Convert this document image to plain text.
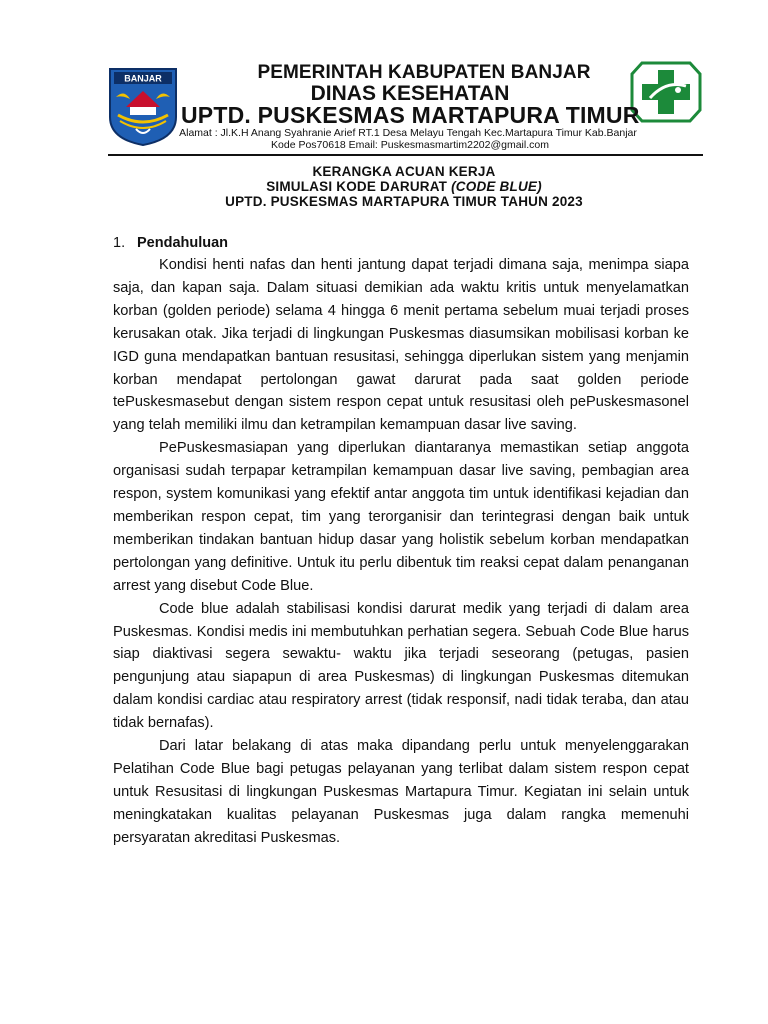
BANJAR	PEMERINTAH KABUPATEN BANJAR
DINAS KESEHATAN
UPTD. PUSKESMAS MARTAPURA TIMUR
Alamat : Jl.K.H Anang Syahranie Arief RT.1 Desa Melayu Tengah Kec.Martapura Timur Kab.Banjar
Kode Pos70618 Email: Puskesmasmartim2202@gmail.com
KERANGKA ACUAN KERJA
SIMULASI KODE DARURAT (CODE BLUE)
UPTD. PUSKESMAS MARTAPURA TIMUR TAHUN 2023
1. Pendahuluan

Kondisi henti nafas dan henti jantung dapat terjadi dimana saja, menimpa siapa saja, dan kapan saja. Dalam situasi demikian ada waktu kritis untuk menyelamatkan korban (golden periode) selama 4 hingga 6 menit pertama sebelum muai terjadi proses kerusakan otak. Jika terjadi di lingkungan Puskesmas diasumsikan mobilisasi korban ke IGD guna mendapatkan bantuan resusitasi, sehingga diperlukan sistem yang menjamin korban mendapat pertolongan gawat darurat pada saat golden periode tePuskesmasebut dengan sistem respon cepat untuk resusitasi oleh pePuskesmasonel yang telah memiliki ilmu dan ketrampilan kemampuan dasar live saving.

PePuskesmasiapan yang diperlukan diantaranya memastikan setiap anggota organisasi sudah terpapar ketrampilan kemampuan dasar live saving, pembagian area respon, system komunikasi yang efektif antar anggota tim untuk identifikasi kejadian dan memberikan respon cepat, tim yang terorganisir dan terintegrasi dengan baik untuk memberikan tindakan bantuan hidup dasar yang holistik sebelum korban mendapatkan pertolongan yang definitive. Untuk itu perlu dibentuk tim reaksi cepat dalam penanganan arrest yang disebut Code Blue.

Code blue adalah stabilisasi kondisi darurat medik yang terjadi di dalam area Puskesmas. Kondisi medis ini membutuhkan perhatian segera. Sebuah Code Blue harus siap diaktivasi segera sewaktu- waktu jika terjadi seseorang (petugas, pasien pengunjung atau siapapun di area Puskesmas) di lingkungan Puskesmas ditemukan dalam kondisi cardiac atau respiratory arrest (tidak responsif, nadi tidak teraba, dan atau tidak bernafas).

Dari latar belakang di atas maka dipandang perlu untuk menyelenggarakan Pelatihan Code Blue bagi petugas pelayanan yang terlibat dalam sistem respon cepat untuk Resusitasi di lingkungan Puskesmas Martapura Timur. Kegiatan ini selain untuk meningkatakan kualitas pelayanan Puskesmas juga dalam rangka memenuhi persyaratan akreditasi Puskesmas.
